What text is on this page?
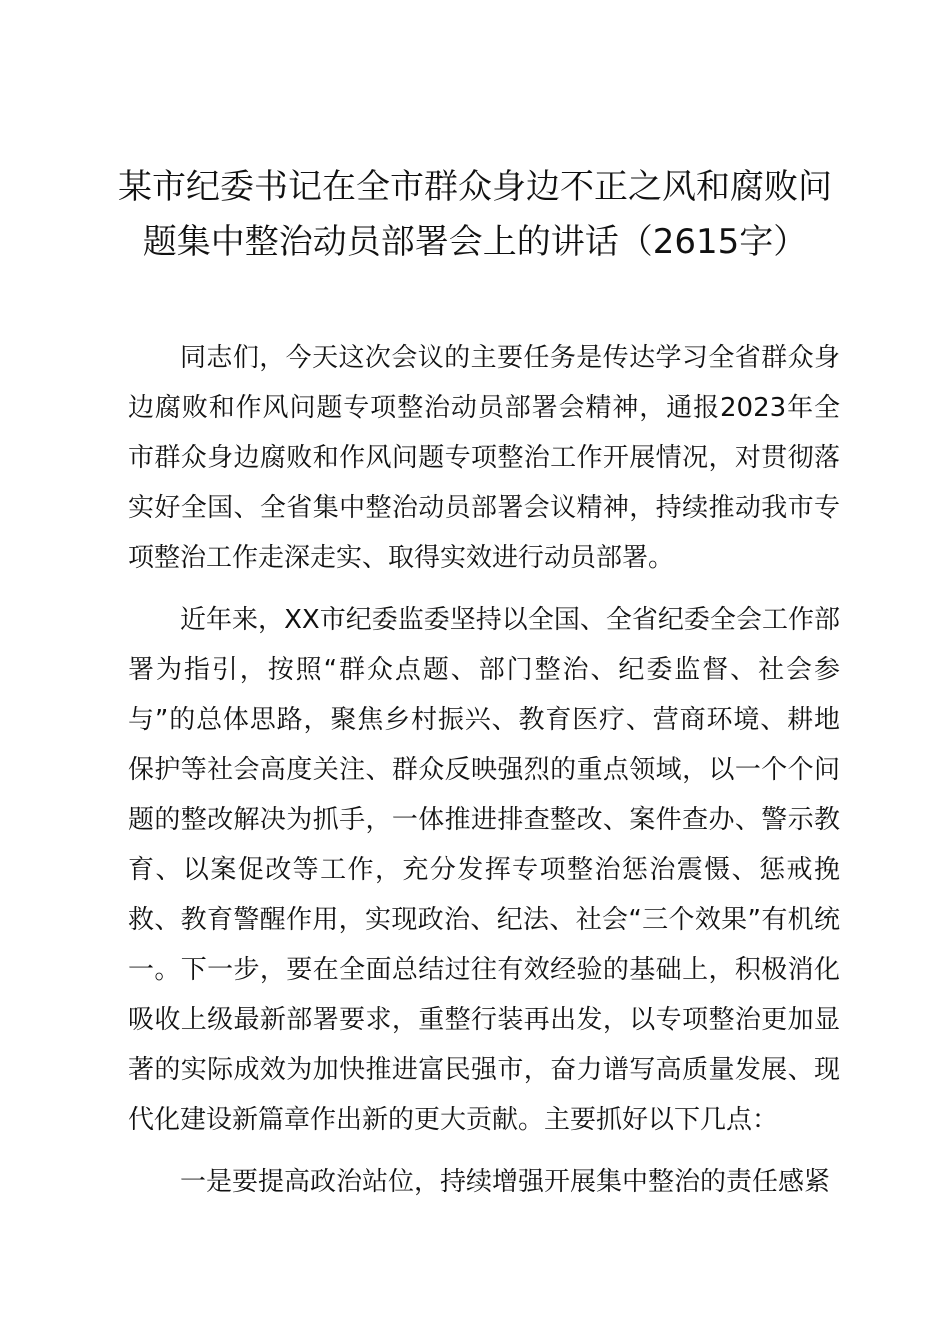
某市纪委书记在全市群众身边不正之风和腐败问题集中整治动员部署会上的讲话（2615字）

同志们，今天这次会议的主要任务是传达学习全省群众身边腐败和作风问题专项整治动员部署会精神，通报2023年全市群众身边腐败和作风问题专项整治工作开展情况，对贯彻落实好全国、全省集中整治动员部署会议精神，持续推动我市专项整治工作走深走实、取得实效进行动员部署。

近年来，XX市纪委监委坚持以全国、全省纪委全会工作部署为指引，按照“群众点题、部门整治、纪委监督、社会参与”的总体思路，聚焦乡村振兴、教育医疗、营商环境、耕地保护等社会高度关注、群众反映强烈的重点领域，以一个个问题的整改解决为抓手，一体推进排查整改、案件查办、警示教育、以案促改等工作，充分发挥专项整治惩治震慑、惩戒挽救、教育警醒作用，实现政治、纪法、社会“三个效果”有机统一。下一步，要在全面总结过往有效经验的基础上，积极消化吸收上级最新部署要求，重整行装再出发，以专项整治更加显著的实际成效为加快推进富民强市，奋力谱写高质量发展、现代化建设新篇章作出新的更大贡献。主要抓好以下几点：

一是要提高政治站位，持续增强开展集中整治的责任感紧
